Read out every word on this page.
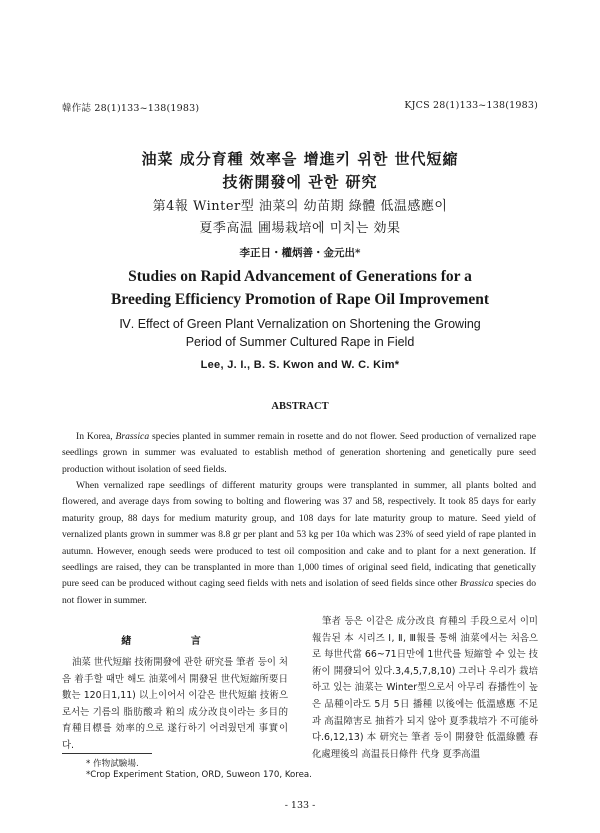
韓作誌 28(1)133~138(1983)	KJCS 28(1)133~138(1983)
油菜 成分育種 效率을 增進키 위한 世代短縮
技術開發에 관한 研究
第4報 Winter型 油菜의 幼苗期 綠體 低温感應이
夏季高温 圃場栽培에 미치는 効果
李正日・權炳善・金元出*
Studies on Rapid Advancement of Generations for a
Breeding Efficiency Promotion of Rape Oil Improvement
Ⅳ. Effect of Green Plant Vernalization on Shortening the Growing
Period of Summer Cultured Rape in Field
Lee, J. I., B. S. Kwon and W. C. Kim*
ABSTRACT

In Korea, Brassica species planted in summer remain in rosette and do not flower. Seed production of vernalized rape seedlings grown in summer was evaluated to establish method of generation shortening and genetically pure seed production without isolation of seed fields.

When vernalized rape seedlings of different maturity groups were transplanted in summer, all plants bolted and flowered, and average days from sowing to bolting and flowering was 37 and 58, respectively. It took 85 days for early maturity group, 88 days for medium maturity group, and 108 days for late maturity group to mature. Seed yield of vernalized plants grown in summer was 8.8 gr per plant and 53 kg per 10a which was 23% of seed yield of rape planted in autumn. However, enough seeds were produced to test oil composition and cake and to plant for a next generation. If seedlings are raised, they can be transplanted in more than 1,000 times of original seed field, indicating that genetically pure seed can be produced without caging seed fields with nets and isolation of seed fields since other Brassica species do not flower in summer.

緖 言

油菜 世代短縮 技術開發에 관한 研究를 筆者 등이 처음 着手할 때만 해도 油菜에서 開發된 世代短縮所要日數는 120日1,11) 以上이어서 이같은 世代短縮 技術으로서는 기름의 脂肪酸과 粕의 成分改良이라는 多目的 育種目標를 効率的으로 遂行하기 어려웠던게 事實이다.

筆者 등은 이같은 成分改良 育種의 手段으로서 이미 報告된 本 시리즈 Ⅰ, Ⅱ, Ⅲ報를 통해 油菜에서는 처음으로 每世代當 66~71日만에 1世代를 短縮할 수 있는 技術이 開發되어 있다.3,4,5,7,8,10) 그러나 우리가 栽培하고 있는 油菜는 Winter型으로서 아무리 春播性이 높은 品種이라도 5月 5日 播種 以後에는 低溫感應 不足과 高温障害로 抽苔가 되지 않아 夏季栽培가 不可能하다.6,12,13) 本 研究는 筆者 등이 開發한 低溫綠體 春化處理後의 高温長日條件 代身 夏季高溫

* 作物試驗場.
*Crop Experiment Station, ORD, Suweon 170, Korea.
- 133 -
